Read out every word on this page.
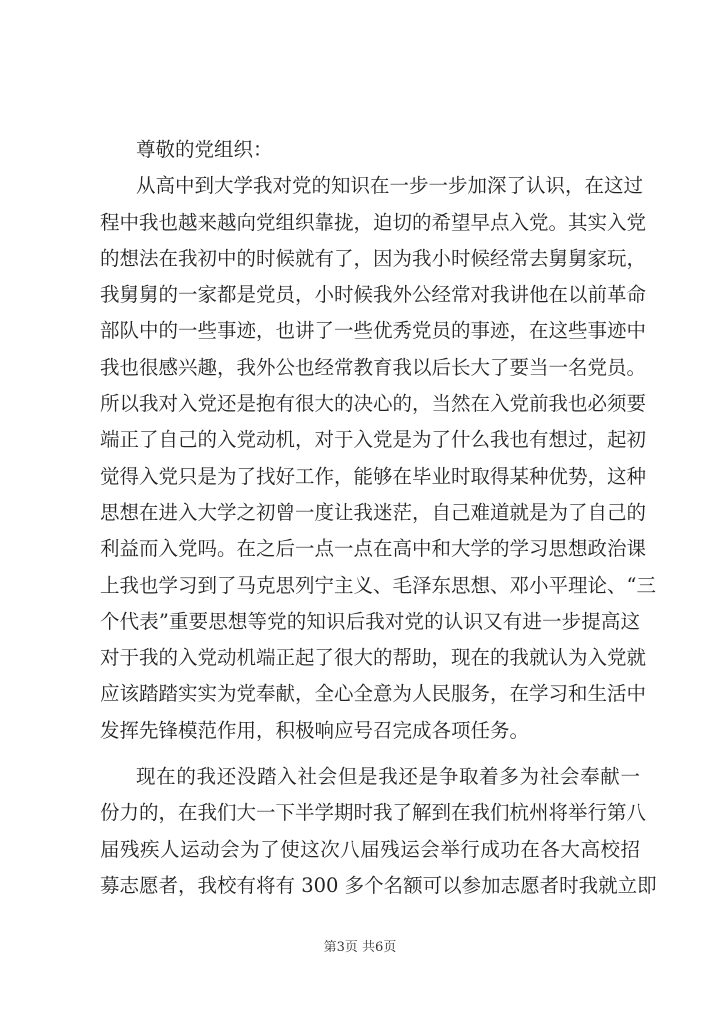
尊敬的党组织：
从高中到大学我对党的知识在一步一步加深了认识，在这过
程中我也越来越向党组织靠拢，迫切的希望早点入党。其实入党
的想法在我初中的时候就有了，因为我小时候经常去舅舅家玩，
我舅舅的一家都是党员，小时候我外公经常对我讲他在以前革命
部队中的一些事迹，也讲了一些优秀党员的事迹，在这些事迹中
我也很感兴趣，我外公也经常教育我以后长大了要当一名党员。
所以我对入党还是抱有很大的决心的，当然在入党前我也必须要
端正了自己的入党动机，对于入党是为了什么我也有想过，起初
觉得入党只是为了找好工作，能够在毕业时取得某种优势，这种
思想在进入大学之初曾一度让我迷茫，自己难道就是为了自己的
利益而入党吗。在之后一点一点在高中和大学的学习思想政治课
上我也学习到了马克思列宁主义、毛泽东思想、邓小平理论、“三
个代表”重要思想等党的知识后我对党的认识又有进一步提高这
对于我的入党动机端正起了很大的帮助，现在的我就认为入党就
应该踏踏实实为党奉献，全心全意为人民服务，在学习和生活中
发挥先锋模范作用，积极响应号召完成各项任务。
现在的我还没踏入社会但是我还是争取着多为社会奉献一
份力的，在我们大一下半学期时我了解到在我们杭州将举行第八
届残疾人运动会为了使这次八届残运会举行成功在各大高校招
募志愿者，我校有将有 300 多个名额可以参加志愿者时我就立即
第3页 共6页
